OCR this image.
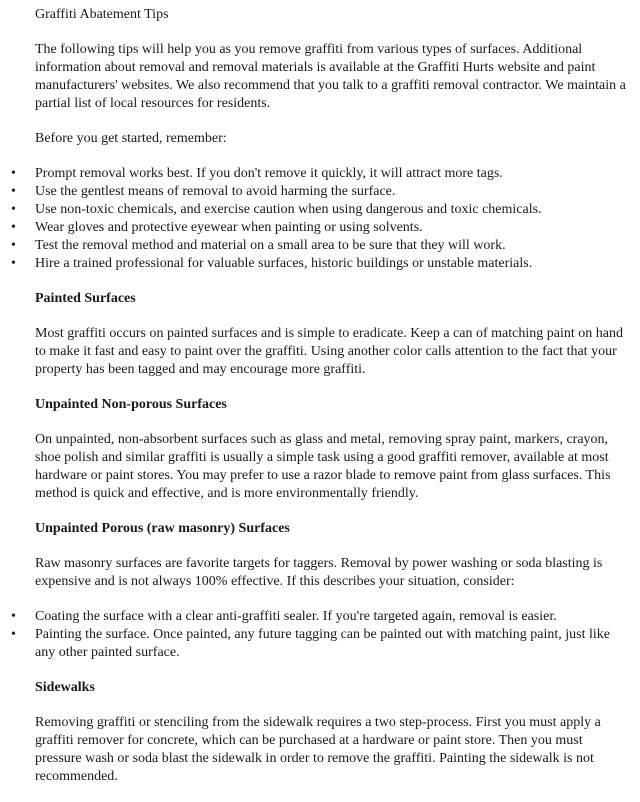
Graffiti Abatement Tips

The following tips will help you as you remove graffiti from various types of surfaces. Additional information about removal and removal materials is available at the Graffiti Hurts website and paint manufacturers' websites. We also recommend that you talk to a graffiti removal contractor. We maintain a partial list of local resources for residents.

Before you get started, remember:

• Prompt removal works best. If you don't remove it quickly, it will attract more tags.
• Use the gentlest means of removal to avoid harming the surface.
• Use non-toxic chemicals, and exercise caution when using dangerous and toxic chemicals.
• Wear gloves and protective eyewear when painting or using solvents.
• Test the removal method and material on a small area to be sure that they will work.
• Hire a trained professional for valuable surfaces, historic buildings or unstable materials.
Painted Surfaces

Most graffiti occurs on painted surfaces and is simple to eradicate. Keep a can of matching paint on hand to make it fast and easy to paint over the graffiti. Using another color calls attention to the fact that your property has been tagged and may encourage more graffiti.

Unpainted Non-porous Surfaces

On unpainted, non-absorbent surfaces such as glass and metal, removing spray paint, markers, crayon, shoe polish and similar graffiti is usually a simple task using a good graffiti remover, available at most hardware or paint stores. You may prefer to use a razor blade to remove paint from glass surfaces. This method is quick and effective, and is more environmentally friendly.

Unpainted Porous (raw masonry) Surfaces

Raw masonry surfaces are favorite targets for taggers. Removal by power washing or soda blasting is expensive and is not always 100% effective. If this describes your situation, consider:

• Coating the surface with a clear anti-graffiti sealer. If you're targeted again, removal is easier.
• Painting the surface. Once painted, any future tagging can be painted out with matching paint, just like any other painted surface.
Sidewalks

Removing graffiti or stenciling from the sidewalk requires a two step-process. First you must apply a graffiti remover for concrete, which can be purchased at a hardware or paint store. Then you must pressure wash or soda blast the sidewalk in order to remove the graffiti. Painting the sidewalk is not recommended.
